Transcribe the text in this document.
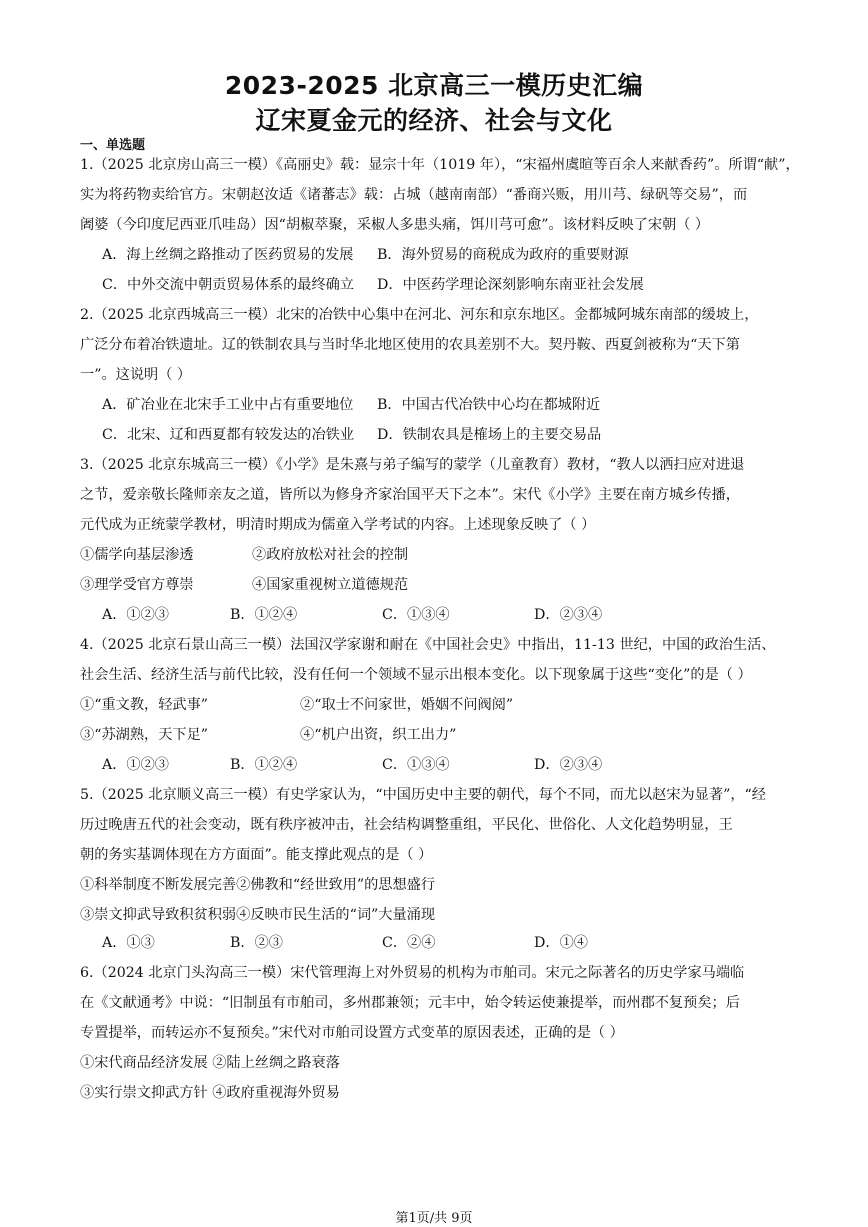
2023-2025 北京高三一模历史汇编
辽宋夏金元的经济、社会与文化
一、单选题

1.（2025 北京房山高三一模）《高丽史》载：显宗十年（1019 年），“宋福州虞暄等百余人来献香药”。所谓“献”，

实为将药物卖给官方。宋朝赵汝适《诸蕃志》载：占城（越南南部）“番商兴贩，用川芎、绿矾等交易”，而

阇婆（今印度尼西亚爪哇岛）因“胡椒萃聚，采椒人多患头痛，饵川芎可愈”。该材料反映了宋朝（ ）

A．海上丝绸之路推动了医药贸易的发展 B．海外贸易的商税成为政府的重要财源
C．中外交流中朝贡贸易体系的最终确立 D．中医药学理论深刻影响东南亚社会发展

2.（2025 北京西城高三一模）北宋的冶铁中心集中在河北、河东和京东地区。金都城阿城东南部的缓坡上，

广泛分布着冶铁遗址。辽的铁制农具与当时华北地区使用的农具差别不大。契丹鞍、西夏剑被称为“天下第

一”。这说明（ ）

A．矿冶业在北宋手工业中占有重要地位 B．中国古代冶铁中心均在都城附近
C．北宋、辽和西夏都有较发达的冶铁业 D．铁制农具是榷场上的主要交易品

3.（2025 北京东城高三一模）《小学》是朱熹与弟子编写的蒙学（儿童教育）教材，“教人以洒扫应对进退

之节，爱亲敬长隆师亲友之道，皆所以为修身齐家治国平天下之本”。宋代《小学》主要在南方城乡传播，

元代成为正统蒙学教材，明清时期成为儒童入学考试的内容。上述现象反映了（ ）

①儒学向基层渗透	②政府放松对社会的控制
③理学受官方尊崇	④国家重视树立道德规范
A．①②③	B．①②④	C．①③④	D．②③④

4.（2025 北京石景山高三一模）法国汉学家谢和耐在《中国社会史》中指出，11-13 世纪，中国的政治生活、

社会生活、经济生活与前代比较，没有任何一个领域不显示出根本变化。以下现象属于这些“变化”的是（ ）

①“重文教，轻武事”	②“取士不问家世，婚姻不问阀阅”
③“苏湖熟，天下足”	④“机户出资，织工出力”
A．①②③	B．①②④	C．①③④	D．②③④

5.（2025 北京顺义高三一模）有史学家认为，“中国历史中主要的朝代，每个不同，而尤以赵宋为显著”，“经

历过晚唐五代的社会变动，既有秩序被冲击，社会结构调整重组，平民化、世俗化、人文化趋势明显，王

朝的务实基调体现在方方面面”。能支撑此观点的是（ ）

①科举制度不断发展完善②佛教和“经世致用”的思想盛行
③崇文抑武导致积贫积弱④反映市民生活的“词”大量涌现
A．①③	B．②③	C．②④	D．①④

6.（2024 北京门头沟高三一模）宋代管理海上对外贸易的机构为市舶司。宋元之际著名的历史学家马端临

在《文献通考》中说：“旧制虽有市舶司，多州郡兼领；元丰中，始令转运使兼提举，而州郡不复预矣；后

专置提举，而转运亦不复预矣。”宋代对市舶司设置方式变革的原因表述，正确的是（ ）

①宋代商品经济发展 ②陆上丝绸之路衰落
③实行崇文抑武方针 ④政府重视海外贸易
第1页/共 9页
